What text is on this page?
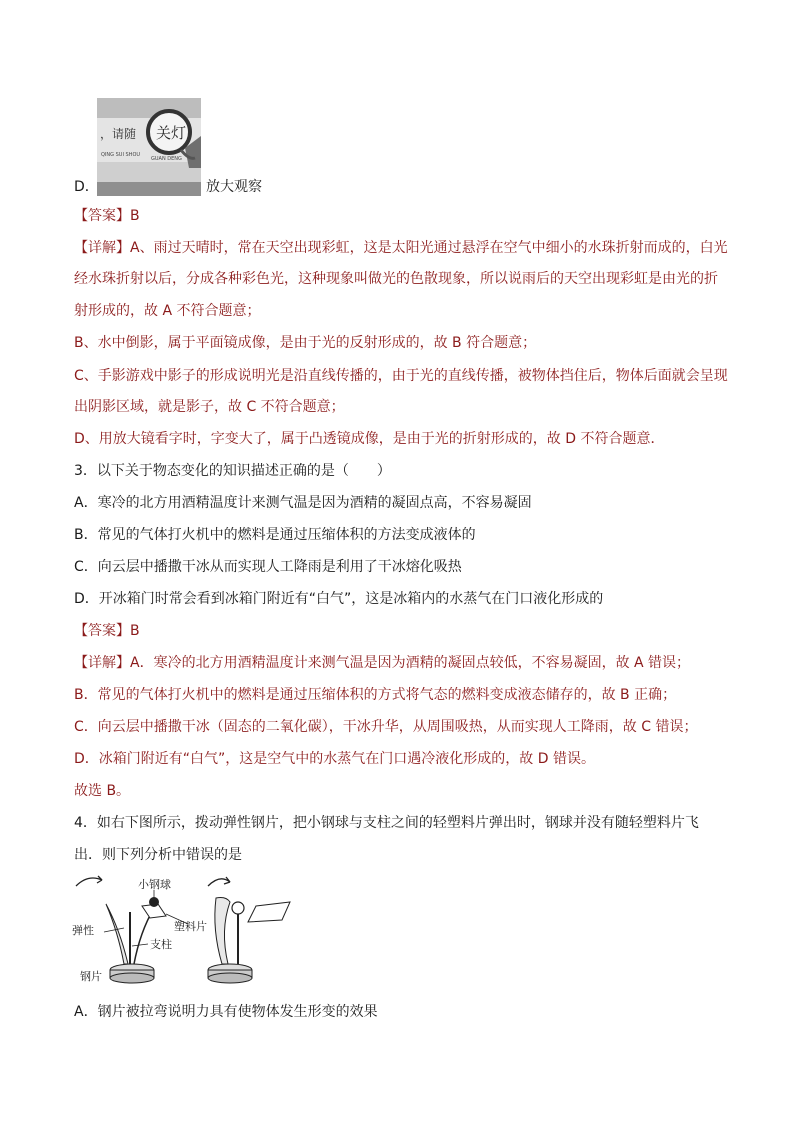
，请随
QING SUI SHOU
关灯
GUAN DENG
D．	放大观察
【答案】B
【详解】A、雨过天晴时，常在天空出现彩虹，这是太阳光通过悬浮在空气中细小的水珠折射而成的，白光
经水珠折射以后，分成各种彩色光，这种现象叫做光的色散现象，所以说雨后的天空出现彩虹是由光的折
射形成的，故 A 不符合题意；
B、水中倒影，属于平面镜成像，是由于光的反射形成的，故 B 符合题意；
C、手影游戏中影子的形成说明光是沿直线传播的，由于光的直线传播，被物体挡住后，物体后面就会呈现
出阴影区域，就是影子，故 C 不符合题意；
D、用放大镜看字时，字变大了，属于凸透镜成像，是由于光的折射形成的，故 D 不符合题意．
3．以下关于物态变化的知识描述正确的是（　　）
A．寒冷的北方用酒精温度计来测气温是因为酒精的凝固点高，不容易凝固
B．常见的气体打火机中的燃料是通过压缩体积的方法变成液体的
C．向云层中播撒干冰从而实现人工降雨是利用了干冰熔化吸热
D．开冰箱门时常会看到冰箱门附近有“白气”，这是冰箱内的水蒸气在门口液化形成的
【答案】B
【详解】A．寒冷的北方用酒精温度计来测气温是因为酒精的凝固点较低，不容易凝固，故 A 错误；
B．常见的气体打火机中的燃料是通过压缩体积的方式将气态的燃料变成液态储存的，故 B 正确；
C．向云层中播撒干冰（固态的二氧化碳），干冰升华，从周围吸热，从而实现人工降雨，故 C 错误；
D．冰箱门附近有“白气”，这是空气中的水蒸气在门口遇冷液化形成的，故 D 错误。
故选 B。
4．如右下图所示，拨动弹性钢片，把小钢球与支柱之间的轻塑料片弹出时，钢球并没有随轻塑料片飞
出．则下列分析中错误的是
小钢球
塑料片
弹性
支柱
钢片
A．钢片被拉弯说明力具有使物体发生形变的效果
